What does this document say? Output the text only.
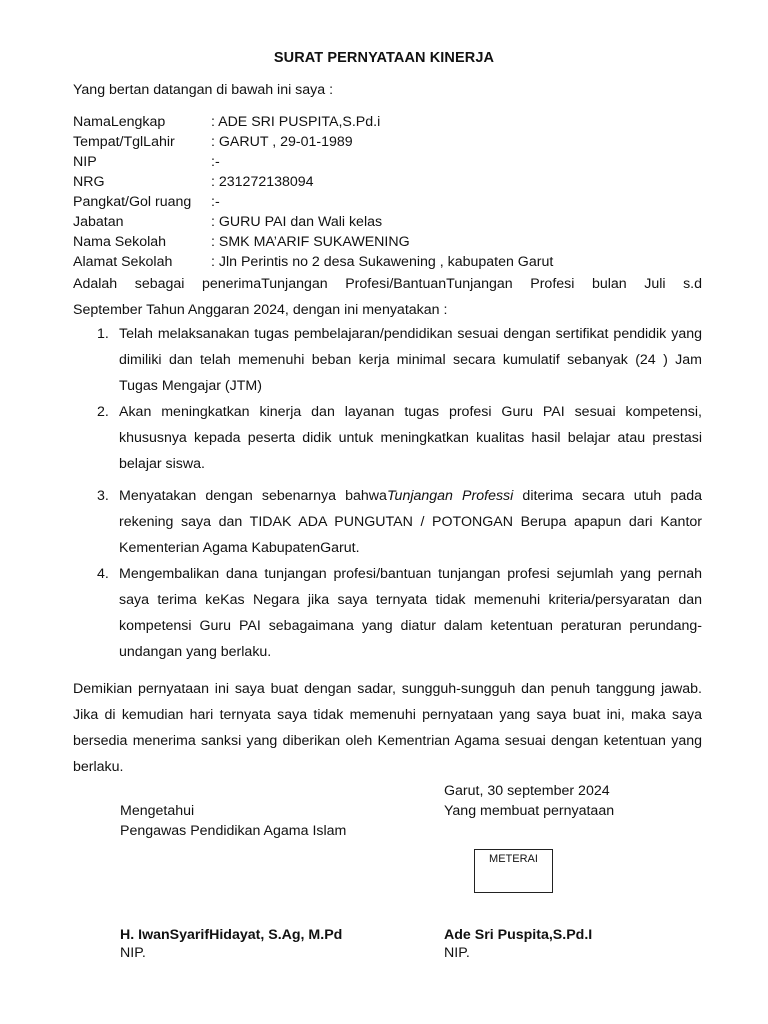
SURAT PERNYATAAN KINERJA
Yang bertan datangan di bawah ini saya :
NamaLengkap	: ADE SRI PUSPITA,S.Pd.i
Tempat/TglLahir	: GARUT , 29-01-1989
NIP	:-
NRG	: 231272138094
Pangkat/Gol ruang :-
Jabatan	: GURU PAI dan Wali kelas
Nama Sekolah	: SMK MA’ARIF SUKAWENING
Alamat Sekolah	: Jln Perintis no 2 desa Sukawening , kabupaten Garut
Adalah sebagai penerimaTunjangan Profesi/BantuanTunjangan Profesi bulan Juli s.d
September Tahun Anggaran 2024, dengan ini menyatakan :
1. Telah melaksanakan tugas pembelajaran/pendidikan sesuai dengan sertifikat pendidik yang dimiliki dan telah memenuhi beban kerja minimal secara kumulatif sebanyak (24 ) Jam Tugas Mengajar (JTM)
2. Akan meningkatkan kinerja dan layanan tugas profesi Guru PAI sesuai kompetensi, khususnya kepada peserta didik untuk meningkatkan kualitas hasil belajar atau prestasi belajar siswa.
3. Menyatakan dengan sebenarnya bahwaTunjangan Professi diterima secara utuh pada rekening saya dan TIDAK ADA PUNGUTAN / POTONGAN Berupa apapun dari Kantor Kementerian Agama KabupatenGarut.
4. Mengembalikan dana tunjangan profesi/bantuan tunjangan profesi sejumlah yang pernah saya terima keKas Negara jika saya ternyata tidak memenuhi kriteria/persyaratan dan kompetensi Guru PAI sebagaimana yang diatur dalam ketentuan peraturan perundang-undangan yang berlaku.
Demikian pernyataan ini saya buat dengan sadar, sungguh-sungguh dan penuh tanggung jawab. Jika di kemudian hari ternyata saya tidak memenuhi pernyataan yang saya buat ini, maka saya bersedia menerima sanksi yang diberikan oleh Kementrian Agama sesuai dengan ketentuan yang berlaku.
Garut, 30 september 2024
Mengetahui
Pengawas Pendidikan Agama Islam
Yang membuat pernyataan
METERAI
H. IwanSyarifHidayat, S.Ag, M.Pd
NIP.
Ade Sri Puspita,S.Pd.I
NIP.
